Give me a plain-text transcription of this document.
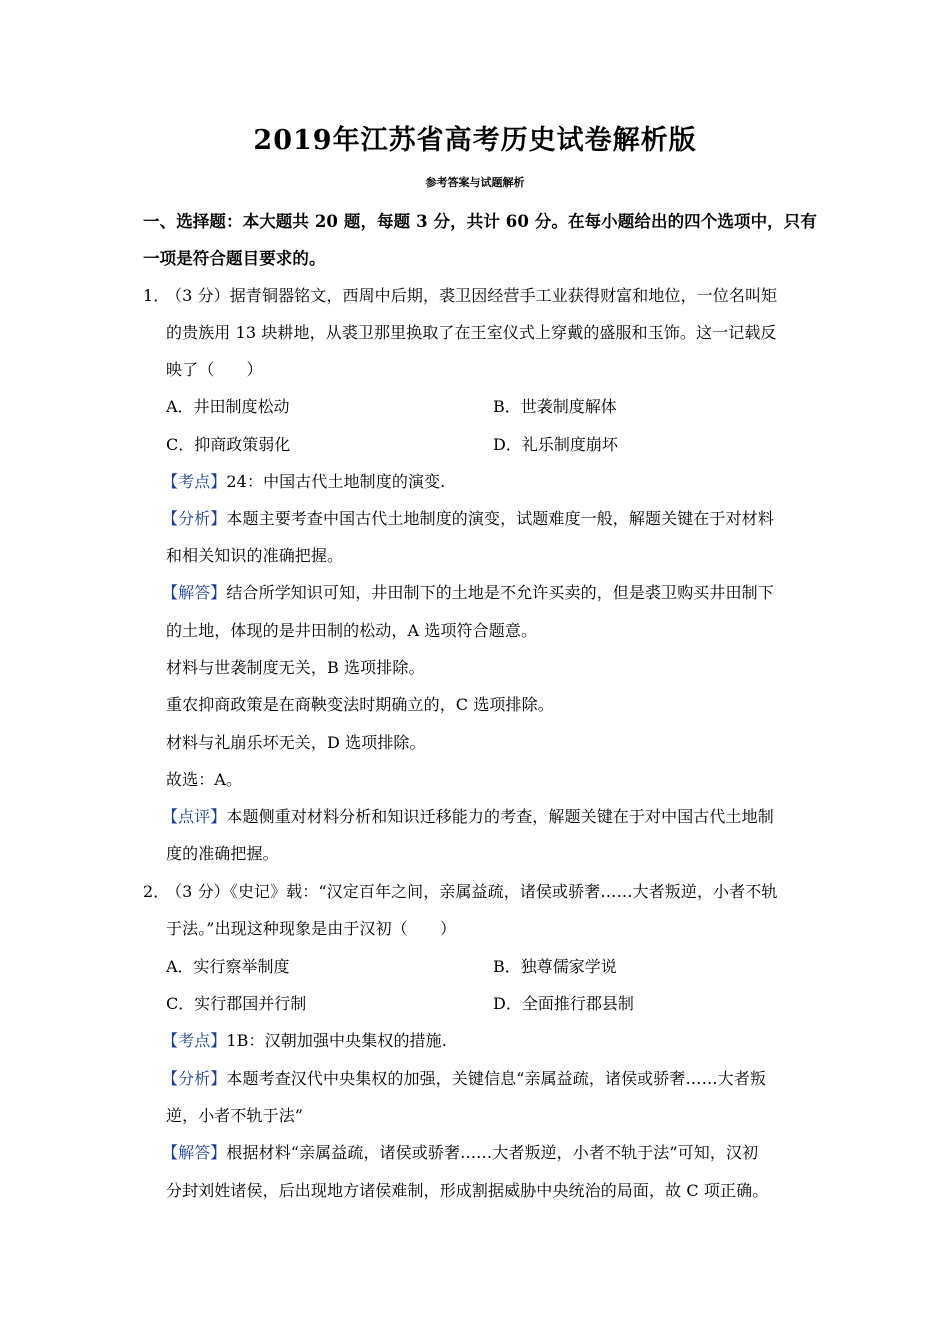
2019年江苏省高考历史试卷解析版
参考答案与试题解析
一、选择题：本大题共 20 题，每题 3 分，共计 60 分。在每小题给出的四个选项中，只有
一项是符合题目要求的。
1．
（3 分）据青铜器铭文，西周中后期，裘卫因经营手工业获得财富和地位，一位名叫矩
的贵族用 13 块耕地，从裘卫那里换取了在王室仪式上穿戴的盛服和玉饰。这一记载反
映了（　　）
A．井田制度松动	B．世袭制度解体
C．抑商政策弱化	D．礼乐制度崩坏
【考点】24：中国古代土地制度的演变.
【分析】本题主要考查中国古代土地制度的演变，试题难度一般，解题关键在于对材料
和相关知识的准确把握。
【解答】结合所学知识可知，井田制下的土地是不允许买卖的，但是裘卫购买井田制下
的土地，体现的是井田制的松动，A 选项符合题意。
材料与世袭制度无关，B 选项排除。
重农抑商政策是在商鞅变法时期确立的，C 选项排除。
材料与礼崩乐坏无关，D 选项排除。
故选：A。
【点评】本题侧重对材料分析和知识迁移能力的考查，解题关键在于对中国古代土地制
度的准确把握。
2．
（3 分）《史记》载：“汉定百年之间，亲属益疏，诸侯或骄奢……大者叛逆，小者不轨
于法。”出现这种现象是由于汉初（　　）
A．实行察举制度	B．独尊儒家学说
C．实行郡国并行制	D．全面推行郡县制
【考点】1B：汉朝加强中央集权的措施.
【分析】本题考查汉代中央集权的加强，关键信息“亲属益疏，诸侯或骄奢……大者叛
逆，小者不轨于法”
【解答】根据材料“亲属益疏，诸侯或骄奢……大者叛逆，小者不轨于法”可知，汉初
分封刘姓诸侯，后出现地方诸侯难制，形成割据威胁中央统治的局面，故 C 项正确。
